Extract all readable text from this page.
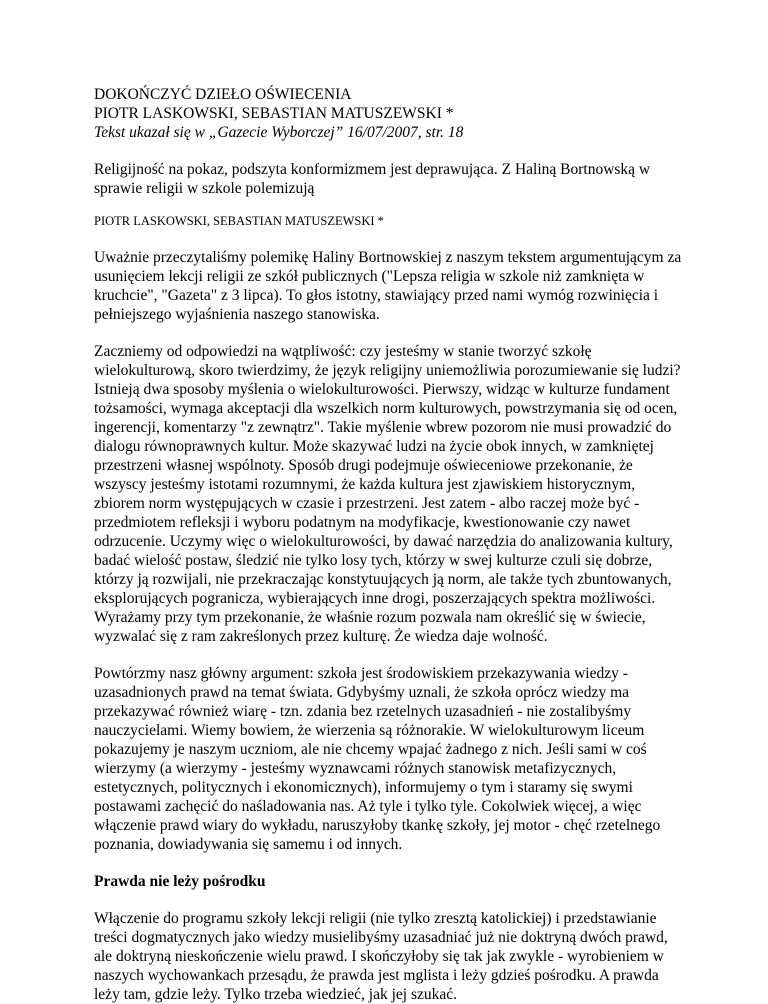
DOKOŃCZYĆ DZIEŁO OŚWIECENIA

PIOTR LASKOWSKI, SEBASTIAN MATUSZEWSKI *

Tekst ukazał się w „Gazecie Wyborczej” 16/07/2007, str. 18

Religijność na pokaz, podszyta konformizmem jest deprawująca. Z Haliną Bortnowską w sprawie religii w szkole polemizują

PIOTR LASKOWSKI, SEBASTIAN MATUSZEWSKI *

Uważnie przeczytaliśmy polemikę Haliny Bortnowskiej z naszym tekstem argumentującym za usunięciem lekcji religii ze szkół publicznych ("Lepsza religia w szkole niż zamknięta w kruchcie", "Gazeta" z 3 lipca). To głos istotny, stawiający przed nami wymóg rozwinięcia i pełniejszego wyjaśnienia naszego stanowiska.

Zaczniemy od odpowiedzi na wątpliwość: czy jesteśmy w stanie tworzyć szkołę wielokulturową, skoro twierdzimy, że język religijny uniemożliwia porozumiewanie się ludzi? Istnieją dwa sposoby myślenia o wielokulturowości. Pierwszy, widząc w kulturze fundament tożsamości, wymaga akceptacji dla wszelkich norm kulturowych, powstrzymania się od ocen, ingerencji, komentarzy "z zewnątrz". Takie myślenie wbrew pozorom nie musi prowadzić do dialogu równoprawnych kultur. Może skazywać ludzi na życie obok innych, w zamkniętej przestrzeni własnej wspólnoty. Sposób drugi podejmuje oświeceniowe przekonanie, że wszyscy jesteśmy istotami rozumnymi, że każda kultura jest zjawiskiem historycznym, zbiorem norm występujących w czasie i przestrzeni. Jest zatem - albo raczej może być - przedmiotem refleksji i wyboru podatnym na modyfikacje, kwestionowanie czy nawet odrzucenie. Uczymy więc o wielokulturowości, by dawać narzędzia do analizowania kultury, badać wielość postaw, śledzić nie tylko losy tych, którzy w swej kulturze czuli się dobrze, którzy ją rozwijali, nie przekraczając konstytuujących ją norm, ale także tych zbuntowanych, eksplorujących pogranicza, wybierających inne drogi, poszerzających spektra możliwości. Wyrażamy przy tym przekonanie, że właśnie rozum pozwala nam określić się w świecie, wyzwalać się z ram zakreślonych przez kulturę. Że wiedza daje wolność.

Powtórzmy nasz główny argument: szkoła jest środowiskiem przekazywania wiedzy - uzasadnionych prawd na temat świata. Gdybyśmy uznali, że szkoła oprócz wiedzy ma przekazywać również wiarę - tzn. zdania bez rzetelnych uzasadnień - nie zostalibyśmy nauczycielami. Wiemy bowiem, że wierzenia są różnorakie. W wielokulturowym liceum pokazujemy je naszym uczniom, ale nie chcemy wpajać żadnego z nich. Jeśli sami w coś wierzymy (a wierzymy - jesteśmy wyznawcami różnych stanowisk metafizycznych, estetycznych, politycznych i ekonomicznych), informujemy o tym i staramy się swymi postawami zachęcić do naśladowania nas. Aż tyle i tylko tyle. Cokolwiek więcej, a więc włączenie prawd wiary do wykładu, naruszyłoby tkankę szkoły, jej motor - chęć rzetelnego poznania, dowiadywania się samemu i od innych.

Prawda nie leży pośrodku

Włączenie do programu szkoły lekcji religii (nie tylko zresztą katolickiej) i przedstawianie treści dogmatycznych jako wiedzy musielibyśmy uzasadniać już nie doktryną dwóch prawd, ale doktryną nieskończenie wielu prawd. I skończyłoby się tak jak zwykle - wyrobieniem w naszych wychowankach przesądu, że prawda jest mglista i leży gdzieś pośrodku. A prawda leży tam, gdzie leży. Tylko trzeba wiedzieć, jak jej szukać.
